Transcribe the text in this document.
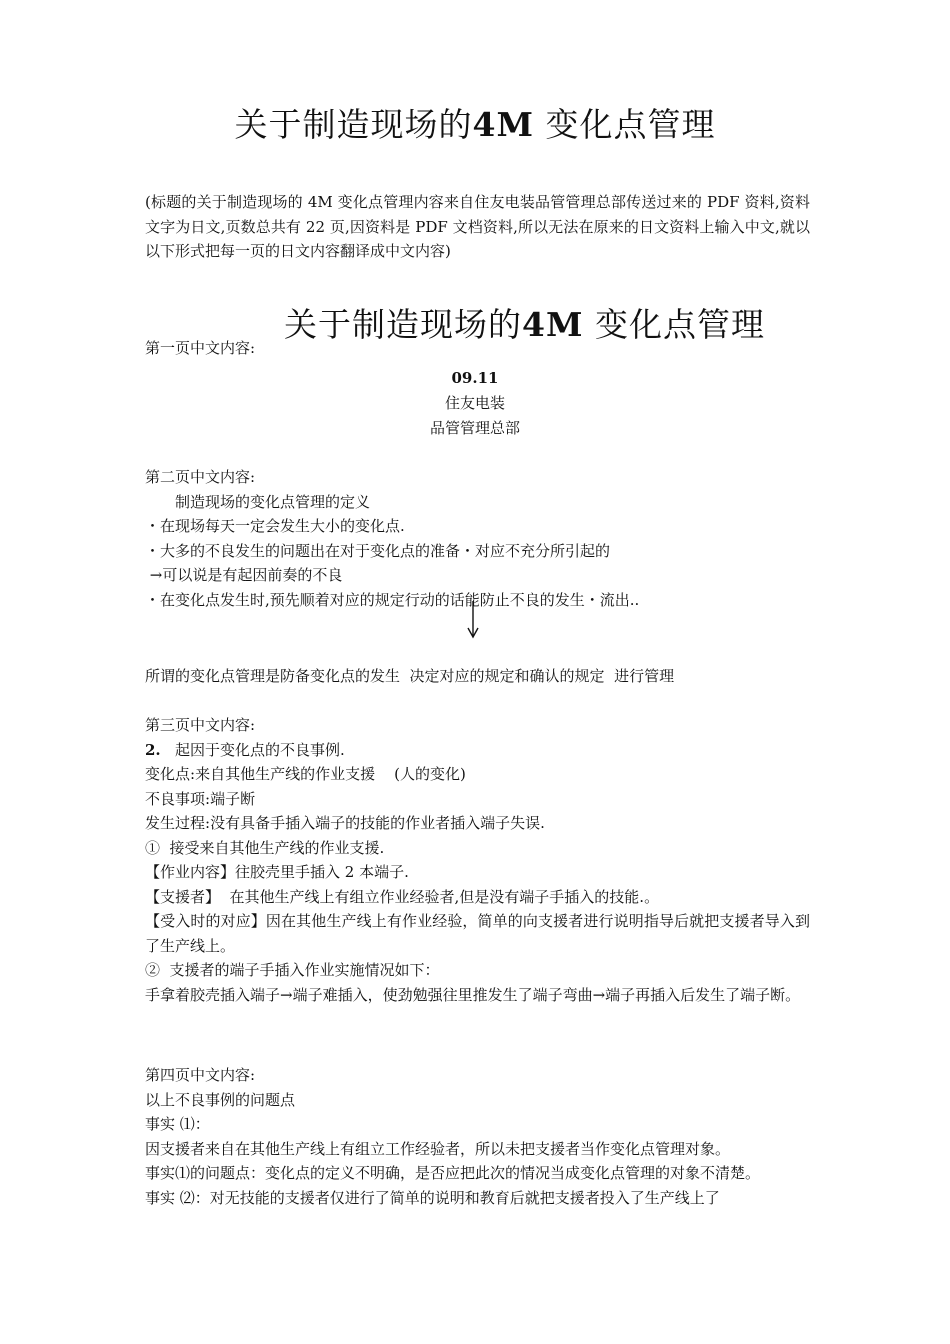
关于制造现场的4M 变化点管理
(标题的关于制造现场的 4M 变化点管理内容来自住友电装品管管理总部传送过来的 PDF 资料,资料文字为日文,页数总共有 22 页,因资料是 PDF 文档资料,所以无法在原来的日文资料上输入中文,就以以下形式把每一页的日文内容翻译成中文内容)
第一页中文内容:
关于制造现场的4M 变化点管理
09.11
住友电装
品管管理总部
第二页中文内容:
制造现场的变化点管理的定义
・在现场每天一定会发生大小的变化点.
・大多的不良发生的问题出在对于变化点的准备・对应不充分所引起的
→可以说是有起因前奏的不良
・在变化点发生时,预先顺着对应的规定行动的话能防止不良的发生・流出..
所谓的变化点管理是防备变化点的发生  决定对应的规定和确认的规定  进行管理
第三页中文内容:
2. 起因于变化点的不良事例.
变化点:来自其他生产线的作业支援    (人的变化)
不良事项:端子断
发生过程:没有具备手插入端子的技能的作业者插入端子失误.
①  接受来自其他生产线的作业支援.
【作业内容】往胶壳里手插入 2 本端子.
【支援者】  在其他生产线上有组立作业经验者,但是没有端子手插入的技能.。
【受入时的对应】因在其他生产线上有作业经验，简单的向支援者进行说明指导后就把支援者导入到了生产线上。
②  支援者的端子手插入作业实施情况如下：
手拿着胶壳插入端子→端子难插入，使劲勉强往里推发生了端子弯曲→端子再插入后发生了端子断。
第四页中文内容:
以上不良事例的问题点
事实 ⑴：
因支援者来自在其他生产线上有组立工作经验者，所以未把支援者当作变化点管理对象。
事实⑴的问题点：变化点的定义不明确，是否应把此次的情况当成变化点管理的对象不清楚。
事实 ⑵：对无技能的支援者仅进行了简单的说明和教育后就把支援者投入了生产线上了
